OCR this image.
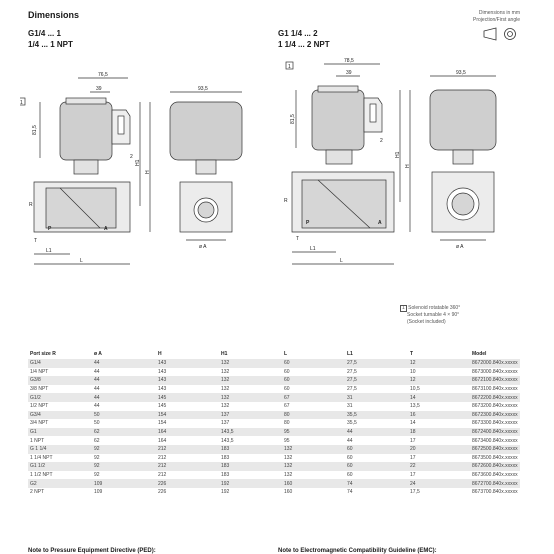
Dimensions
G1/4 ... 1
1/4 ... 1 NPT
G1 1/4 ... 2
1 1/4 ... 2 NPT
Dimensions in mm
Projection/First angle
76,5
39
81,5
P	A
R
T
L1
L
H
H1
1
2
93,5
ø A
78,5
39
81,5
P	A
R
T
L1
L
H
H1
1
2
93,5
ø A
1 Solenoid rotatable 360°
Socket turnable 4 × 90°
(Socket included)
Port size R	ø A	H	H1	L	L1	T	Model
G1/4	44	143	132	60	27,5	12	8672000.840x.xxxxx
1/4 NPT	44	143	132	60	27,5	10	8673000.840x.xxxxx
G3/8	44	143	132	60	27,5	12	8672100.840x.xxxxx
3/8 NPT	44	143	132	60	27,5	10,5	8673100.840x.xxxxx
G1/2	44	145	132	67	31	14	8672200.840x.xxxxx
1/2 NPT	44	145	132	67	31	13,5	8673200.840x.xxxxx
G3/4	50	154	137	80	35,5	16	8672300.840x.xxxxx
3/4 NPT	50	154	137	80	35,5	14	8673300.840x.xxxxx
G1	62	164	143,5	95	44	18	8672400.840x.xxxxx
1 NPT	62	164	143,5	95	44	17	8673400.840x.xxxxx
G 1 1/4	92	212	183	132	60	20	8672500.840x.xxxxx
1 1/4 NPT	92	212	183	132	60	17	8673500.840x.xxxxx
G1 1/2	92	212	183	132	60	22	8672600.840x.xxxxx
1 1/2 NPT	92	212	183	132	60	17	8673600.840x.xxxxx
G2	109	226	192	160	74	24	8672700.840x.xxxxx
2 NPT	109	226	192	160	74	17,5	8673700.840x.xxxxx
Note to Pressure Equipment Directive (PED):	Note to Electromagnetic Compatibility Guideline (EMC):
